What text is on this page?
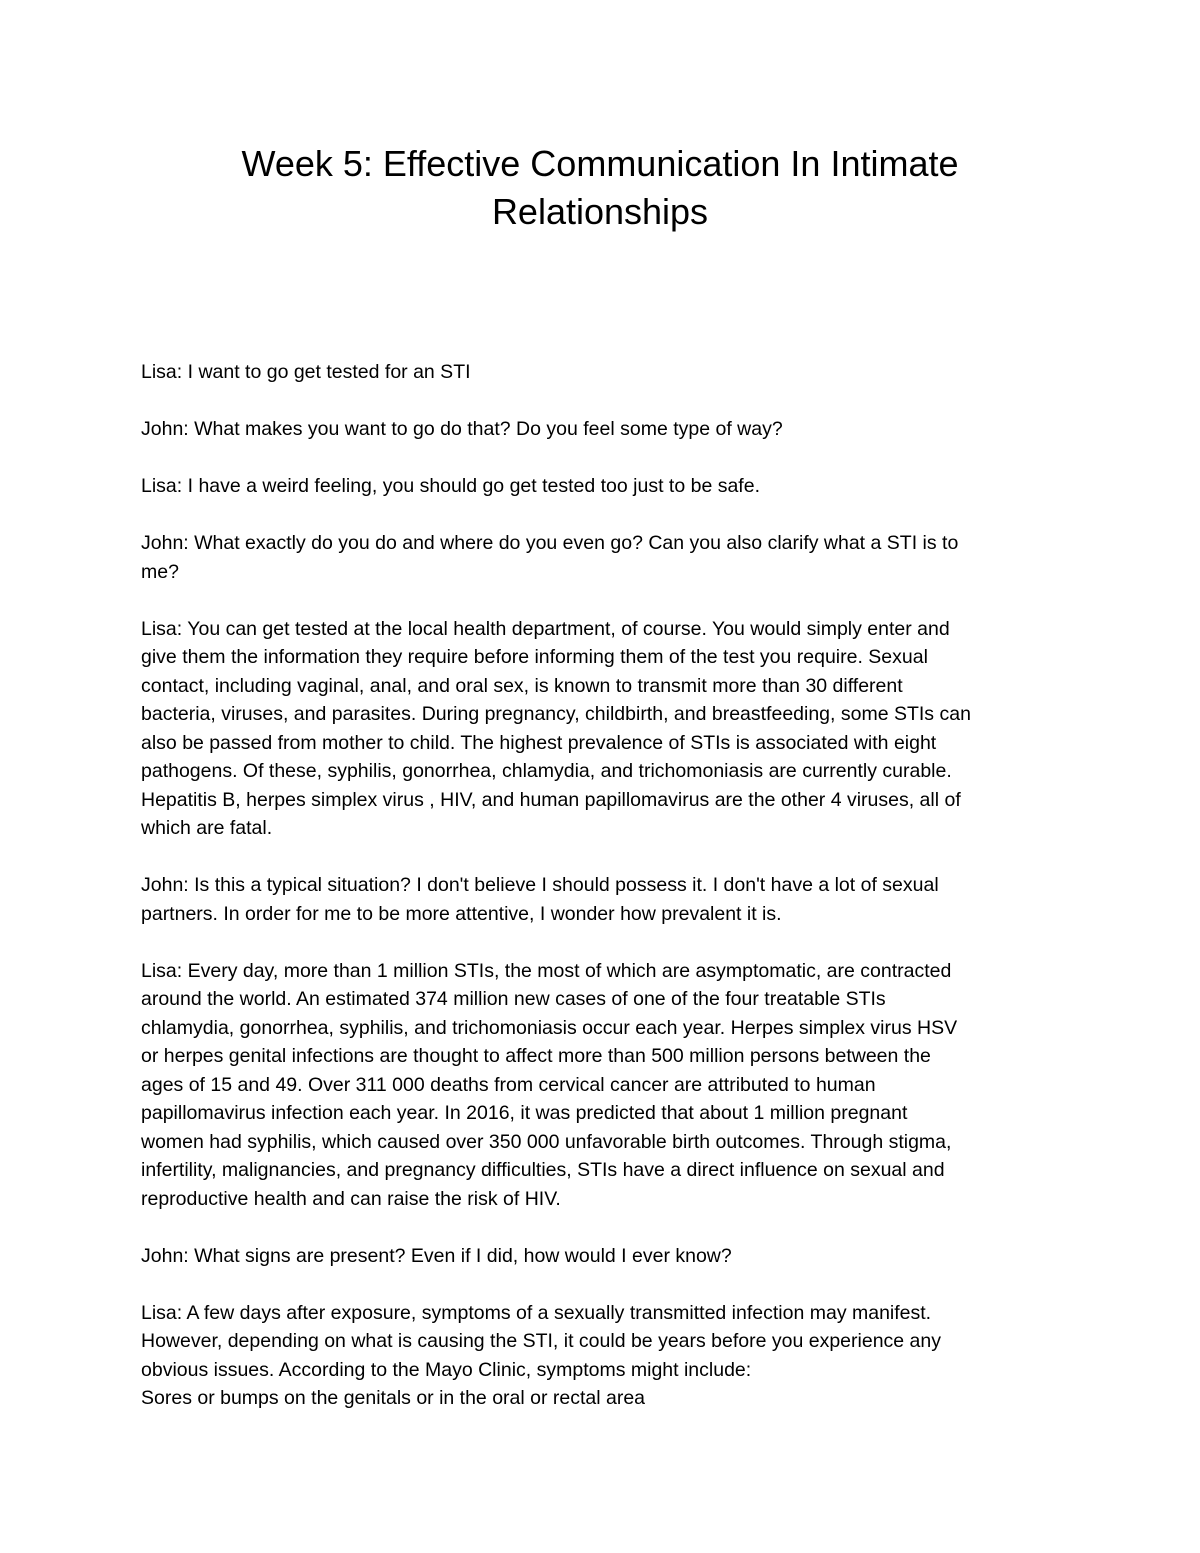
Week 5: Effective Communication In Intimate
Relationships

Lisa: I want to go get tested for an STI

John: What makes you want to go do that? Do you feel some type of way?

Lisa: I have a weird feeling, you should go get tested too just to be safe.

John: What exactly do you do and where do you even go? Can you also clarify what a STI is to
me?

Lisa: You can get tested at the local health department, of course. You would simply enter and
give them the information they require before informing them of the test you require. Sexual
contact, including vaginal, anal, and oral sex, is known to transmit more than 30 different
bacteria, viruses, and parasites. During pregnancy, childbirth, and breastfeeding, some STIs can
also be passed from mother to child. The highest prevalence of STIs is associated with eight
pathogens. Of these, syphilis, gonorrhea, chlamydia, and trichomoniasis are currently curable.
Hepatitis B, herpes simplex virus , HIV, and human papillomavirus are the other 4 viruses, all of
which are fatal.

John: Is this a typical situation? I don't believe I should possess it. I don't have a lot of sexual
partners. In order for me to be more attentive, I wonder how prevalent it is.

Lisa: Every day, more than 1 million STIs, the most of which are asymptomatic, are contracted
around the world. An estimated 374 million new cases of one of the four treatable STIs
chlamydia, gonorrhea, syphilis, and trichomoniasis occur each year. Herpes simplex virus HSV
or herpes genital infections are thought to affect more than 500 million persons between the
ages of 15 and 49. Over 311 000 deaths from cervical cancer are attributed to human
papillomavirus infection each year. In 2016, it was predicted that about 1 million pregnant
women had syphilis, which caused over 350 000 unfavorable birth outcomes. Through stigma,
infertility, malignancies, and pregnancy difficulties, STIs have a direct influence on sexual and
reproductive health and can raise the risk of HIV.

John: What signs are present? Even if I did, how would I ever know?

Lisa: A few days after exposure, symptoms of a sexually transmitted infection may manifest.
However, depending on what is causing the STI, it could be years before you experience any
obvious issues. According to the Mayo Clinic, symptoms might include:
Sores or bumps on the genitals or in the oral or rectal area
